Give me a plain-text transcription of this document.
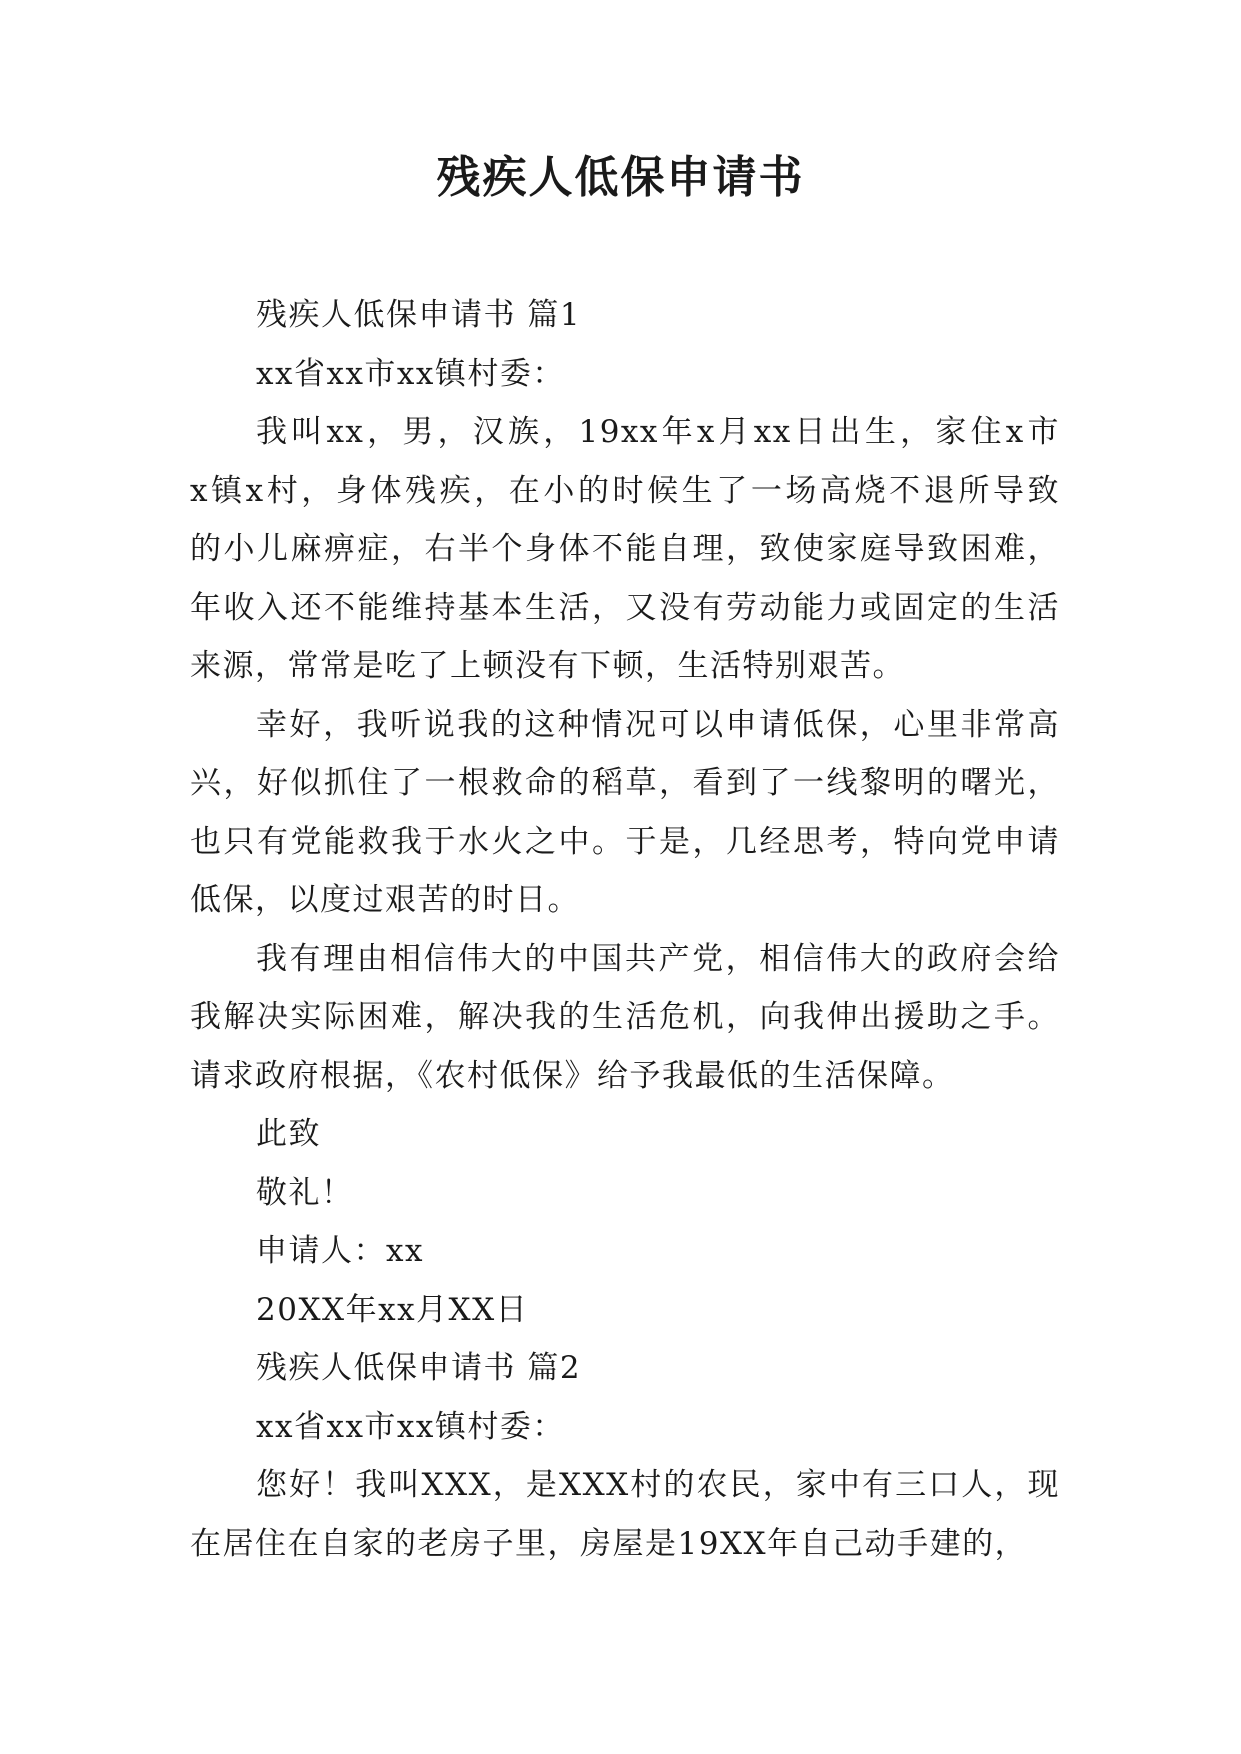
残疾人低保申请书

残疾人低保申请书 篇1

xx省xx市xx镇村委：

我叫xx，男，汉族，19xx年x月xx日出生，家住x市

x镇x村，身体残疾，在小的时候生了一场高烧不退所导致

的小儿麻痹症，右半个身体不能自理，致使家庭导致困难，

年收入还不能维持基本生活，又没有劳动能力或固定的生活

来源，常常是吃了上顿没有下顿，生活特别艰苦。

幸好，我听说我的这种情况可以申请低保，心里非常高

兴，好似抓住了一根救命的稻草，看到了一线黎明的曙光，

也只有党能救我于水火之中。于是，几经思考，特向党申请

低保，以度过艰苦的时日。

我有理由相信伟大的中国共产党，相信伟大的政府会给

我解决实际困难，解决我的生活危机，向我伸出援助之手。

请求政府根据，《农村低保》给予我最低的生活保障。

此致

敬礼！

申请人：xx

20XX年xx月XX日

残疾人低保申请书 篇2

xx省xx市xx镇村委：

您好！我叫XXX，是XXX村的农民，家中有三口人，现

在居住在自家的老房子里，房屋是19XX年自己动手建的，
